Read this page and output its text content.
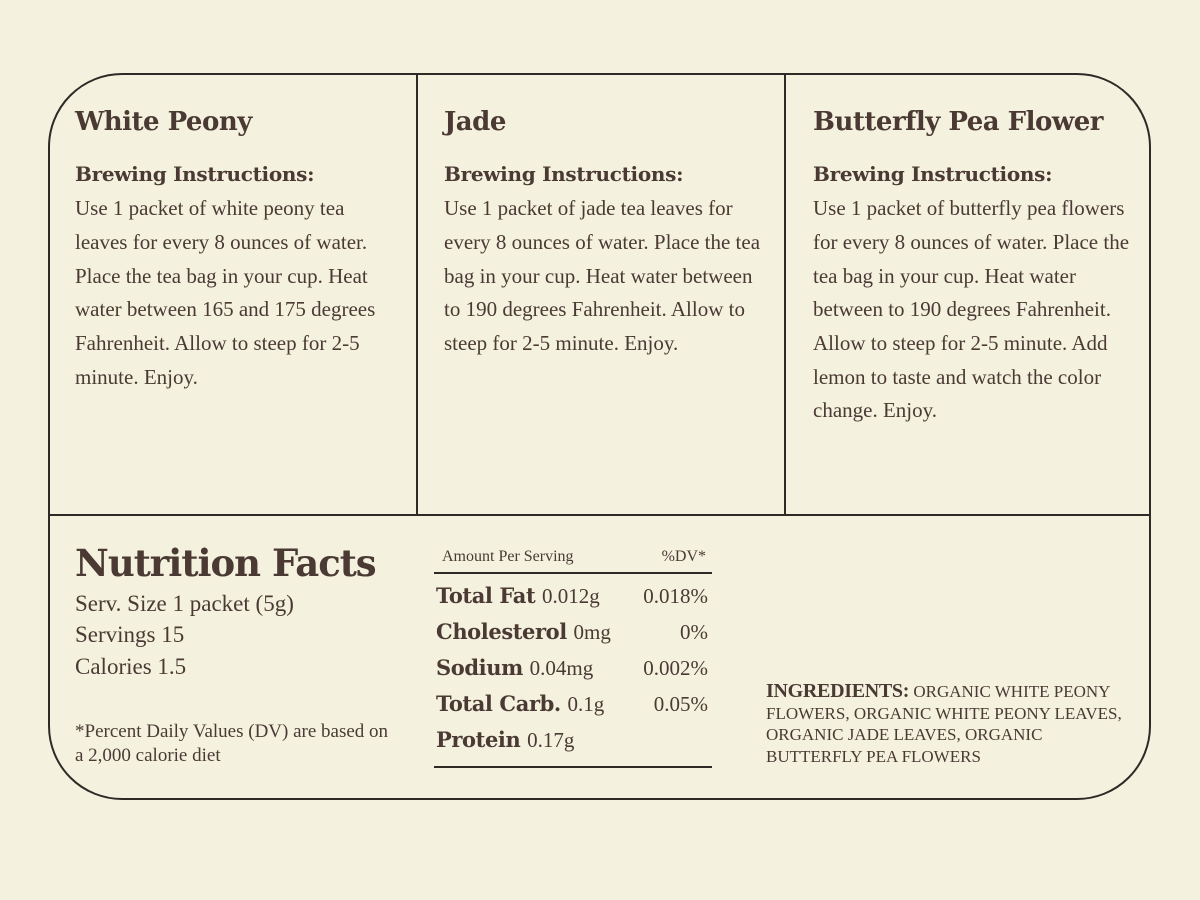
White Peony
Brewing Instructions:
Use 1 packet of white peony tea leaves for every 8 ounces of water. Place the tea bag in your cup. Heat water between 165 and 175 degrees Fahrenheit. Allow to steep for 2-5 minute. Enjoy.
Jade
Brewing Instructions:
Use 1 packet of jade tea leaves for every 8 ounces of water. Place the tea bag in your cup. Heat water between to 190 degrees Fahrenheit. Allow to steep for 2-5 minute. Enjoy.
Butterfly Pea Flower
Brewing Instructions:
Use 1 packet of butterfly pea flowers for every 8 ounces of water. Place the tea bag in your cup. Heat water between to 190 degrees Fahrenheit. Allow to steep for 2-5 minute. Add lemon to taste and watch the color change. Enjoy.
Nutrition Facts
Serv. Size 1 packet (5g)
Servings 15
Calories 1.5
*Percent Daily Values (DV) are based on a 2,000 calorie diet
Amount Per Serving	%DV*
Total Fat 0.012g 0.018%
Cholesterol 0mg	0%
Sodium 0.04mg 0.002%
Total Carb. 0.1g 0.05%
Protein 0.17g
INGREDIENTS: ORGANIC WHITE PEONY FLOWERS, ORGANIC WHITE PEONY LEAVES, ORGANIC JADE LEAVES, ORGANIC BUTTERFLY PEA FLOWERS
